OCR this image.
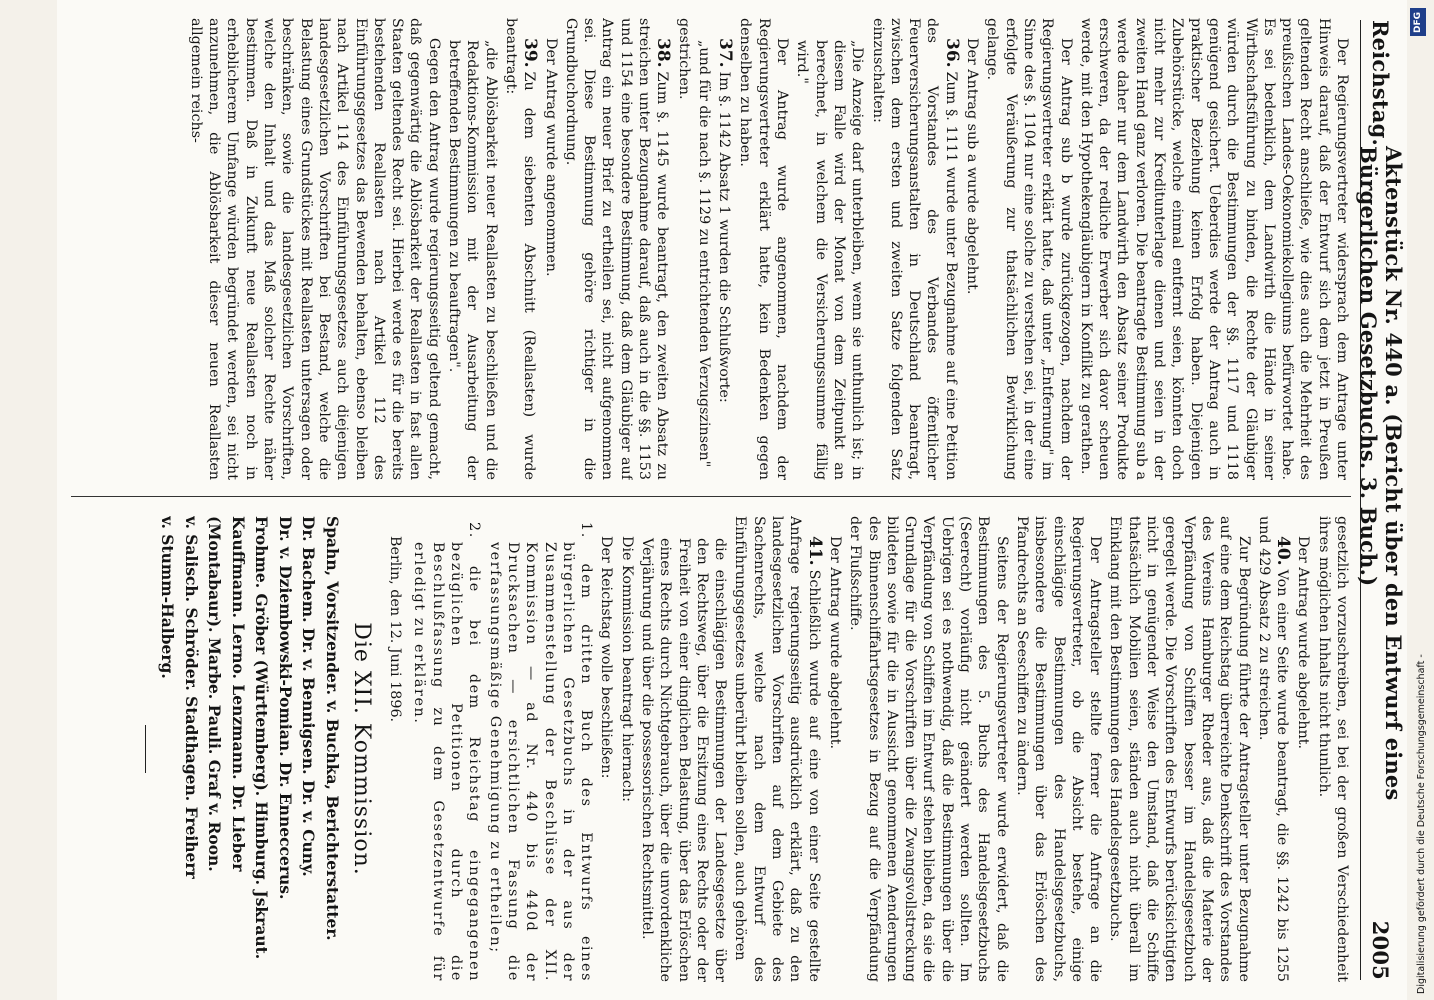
Reichstag.
Aktenstück Nr. 440 a. (Bericht über den Entwurf eines Bürgerlichen Gesetzbuchs. 3. Buch.)
2005

Der Regierungsvertreter widersprach dem Antrage unter Hinweis darauf, daß der Entwurf sich dem jetzt in Preußen geltenden Recht anschließe, wie dies auch die Mehrheit des preußischen Landes-Oekonomiekollegiums befürwortet habe. Es sei bedenklich, dem Landwirth die Hände in seiner Wirthschaftsführung zu binden, die Rechte der Gläubiger würden durch die Bestimmungen der §§. 1117 und 1118 genügend gesichert. Ueberdies werde der Antrag auch in praktischer Beziehung keinen Erfolg haben. Diejenigen Zubehörstücke, welche einmal entfernt seien, könnten doch nicht mehr zur Kreditunterlage dienen und seien in der zweiten Hand ganz verloren. Die beantragte Bestimmung sub a werde daher nur dem Landwirth den Absatz seiner Produkte erschweren, da der redliche Erwerber sich davor scheuen werde, mit den Hypothekengläubigern in Konflikt zu gerathen.

Der Antrag sub b wurde zurückgezogen, nachdem der Regierungsvertreter erklärt hatte, daß unter „Entfernung" im Sinne des §. 1104 nur eine solche zu verstehen sei, in der eine erfolgte Veräußerung zur thatsächlichen Bewirklichung gelange.

Der Antrag sub a wurde abgelehnt.

36.Zum §. 1111 wurde unter Bezugnahme auf eine Petition des Vorstandes des Verbandes öffentlicher Feuerversicherungsanstalten in Deutschland beantragt, zwischen dem ersten und zweiten Satze folgenden Satz einzuschalten:

„Die Anzeige darf unterbleiben, wenn sie unthunlich ist; in diesem Falle wird der Monat von dem Zeitpunkt an berechnet, in welchem die Versicherungssumme fällig wird."

Der Antrag wurde angenommen, nachdem der Regierungsvertreter erklärt hatte, kein Bedenken gegen denselben zu haben.

37.Im §. 1142 Absatz 1 wurden die Schlußworte:

„und für die nach §. 1129 zu entrichtenden Verzugszinsen"

gestrichen.

38.Zum §. 1145 wurde beantragt, den zweiten Absatz zu streichen unter Bezugnahme darauf, daß auch in die §§. 1153 und 1154 eine besondere Bestimmung, daß dem Gläubiger auf Antrag ein neuer Brief zu ertheilen sei, nicht aufgenommen sei. Diese Bestimmung gehöre richtiger in die Grundbuchordnung.

Der Antrag wurde angenommen.

39.Zu dem siebenten Abschnitt (Reallasten) wurde beantragt:

„die Ablösbarkeit neuer Reallasten zu beschließen und die Redaktions-Kommission mit der Ausarbeitung der betreffenden Bestimmungen zu beauftragen".

Gegen den Antrag wurde regierungsseitig geltend gemacht, daß gegenwärtig die Ablösbarkeit der Reallasten in fast allen Staaten geltendes Recht sei. Hierbei werde es für die bereits bestehenden Reallasten nach Artikel 112 des Einführungsgesetzes das Bewenden behalten, ebenso bleiben nach Artikel 114 des Einführungsgesetzes auch diejenigen landesgesetzlichen Vorschriften bei Bestand, welche die Belastung eines Grundstückes mit Reallasten untersagen oder beschränken, sowie die landesgesetzlichen Vorschriften, welche den Inhalt und das Maß solcher Rechte näher bestimmen. Daß in Zukunft neue Reallasten noch in erheblicherem Umfange würden begründet werden, sei nicht anzunehmen, die Ablösbarkeit dieser neuen Reallasten allgemein reichs-

gesetzlich vorzuschreiben, sei bei der großen Verschiedenheit ihres möglichen Inhalts nicht thunlich.

Der Antrag wurde abgelehnt.

40.Von einer Seite wurde beantragt, die §§. 1242 bis 1255 und 429 Absatz 2 zu streichen.

Zur Begründung führte der Antragsteller unter Bezugnahme auf eine dem Reichstag überreichte Denkschrift des Vorstandes des Vereins Hamburger Rheder aus, daß die Materie der Verpfändung von Schiffen besser im Handelsgesetzbuch geregelt werde. Die Vorschriften des Entwurfs berücksichtigten nicht in genügender Weise den Umstand, daß die Schiffe thatsächlich Mobilien seien, ständen auch nicht überall im Einklang mit den Bestimmungen des Handelsgesetzbuchs.

Der Antragsteller stellte ferner die Anfrage an die Regierungsvertreter, ob die Absicht bestehe, einige einschlägige Bestimmungen des Handelsgesetzbuchs, insbesondere die Bestimmungen über das Erlöschen des Pfandrechts an Seeschiffen zu ändern.

Seitens der Regierungsvertreter wurde erwidert, daß die Bestimmungen des 5. Buchs des Handelsgesetzbuchs (Seerecht) vorläufig nicht geändert werden sollten. Im Uebrigen sei es nothwendig, daß die Bestimmungen über die Verpfändung von Schiffen im Entwurf stehen blieben, da sie die Grundlage für die Vorschriften über die Zwangsvollstreckung bildeten sowie für die in Aussicht genommenen Aenderungen des Binnenschiffahrtsgesetzes in Bezug auf die Verpfändung der Flußschiffe.

Der Antrag wurde abgelehnt.

41.Schließlich wurde auf eine von einer Seite gestellte Anfrage regierungsseitig ausdrücklich erklärt, daß zu den landesgesetzlichen Vorschriften auf dem Gebiete des Sachenrechts, welche nach dem Entwurf des Einführungsgesetzes unberührt bleiben sollen, auch gehören

die einschlägigen Bestimmungen der Landesgesetze über den Rechtsweg, über die Ersitzung eines Rechts oder der Freiheit von einer dinglichen Belastung, über das Erlöschen eines Rechts durch Nichtgebrauch, über die unvordenkliche Verjährung und über die possessorischen Rechtsmittel.

Die Kommission beantragt hiernach:

Der Reichstag wolle beschließen:

1. dem dritten Buch des Entwurfs eines bürgerlichen Gesetzbuchs in der aus der Zusammenstellung der Beschlüsse der XII. Kommission — ad Nr. 440 bis 440d der Drucksachen — ersichtlichen Fassung die verfassungsmäßige Genehmigung zu ertheilen;

2. die bei dem Reichstag eingegangenen bezüglichen Petitionen durch die Beschlußfassung zu dem Gesetzentwurfe für erledigt zu erklären.

Berlin, den 12. Juni 1896.

Die XII. Kommission.

Spahn, Vorsitzender. v. Buchka, Berichterstatter.

Dr. Bachem. Dr. v. Bennigsen. Dr. v. Cuny.

Dr. v. Dziembowski-Pomian. Dr. Enneccerus.

Frohme. Gröber (Württemberg). Himburg. Jskraut.

Kauffmann. Lerno. Lenzmann. Dr. Lieber

(Montabaur). Marbe. Pauli. Graf v. Roon.

v. Salisch. Schröder. Stadthagen. Freiherr

v. Stumm-Halberg.

DFG
Digitalisierung gefördert durch die Deutsche Forschungsgemeinschaft -
